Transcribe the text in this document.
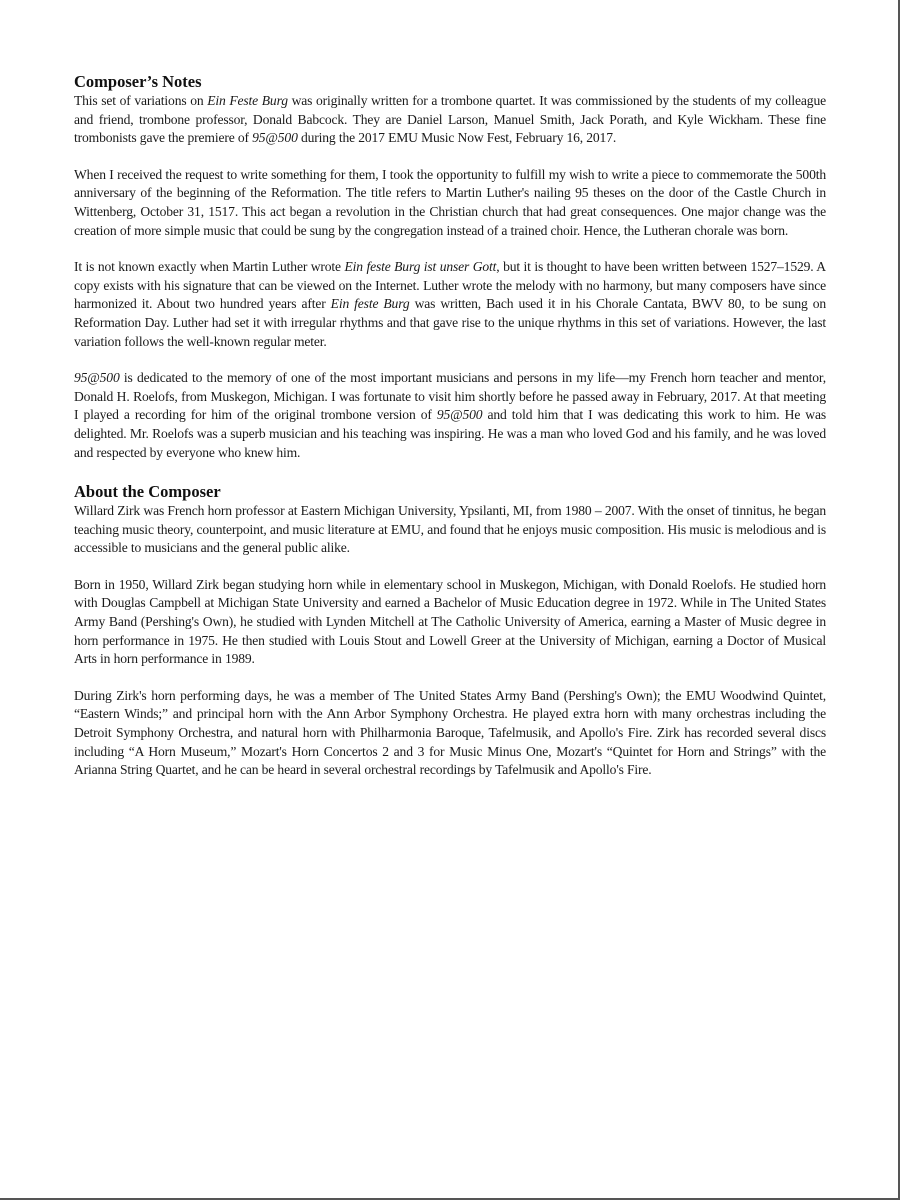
Composer’s Notes

This set of variations on Ein Feste Burg was originally written for a trombone quartet. It was commissioned by the students of my colleague and friend, trombone professor, Donald Babcock. They are Daniel Larson, Manuel Smith, Jack Porath, and Kyle Wickham. These fine trombonists gave the premiere of 95@500 during the 2017 EMU Music Now Fest, February 16, 2017.

When I received the request to write something for them, I took the opportunity to fulfill my wish to write a piece to commemorate the 500th anniversary of the beginning of the Reformation. The title refers to Martin Luther's nailing 95 theses on the door of the Castle Church in Wittenberg, October 31, 1517. This act began a revolution in the Christian church that had great consequences. One major change was the creation of more simple music that could be sung by the congregation instead of a trained choir. Hence, the Lutheran chorale was born.

It is not known exactly when Martin Luther wrote Ein feste Burg ist unser Gott, but it is thought to have been written between 1527–1529. A copy exists with his signature that can be viewed on the Internet. Luther wrote the melody with no harmony, but many composers have since harmonized it. About two hundred years after Ein feste Burg was written, Bach used it in his Chorale Cantata, BWV 80, to be sung on Reformation Day. Luther had set it with irregular rhythms and that gave rise to the unique rhythms in this set of variations. However, the last variation follows the well-known regular meter.

95@500 is dedicated to the memory of one of the most important musicians and persons in my life—my French horn teacher and mentor, Donald H. Roelofs, from Muskegon, Michigan. I was fortunate to visit him shortly before he passed away in February, 2017. At that meeting I played a recording for him of the original trombone version of 95@500 and told him that I was dedicating this work to him. He was delighted. Mr. Roelofs was a superb musician and his teaching was inspiring. He was a man who loved God and his family, and he was loved and respected by everyone who knew him.

About the Composer

Willard Zirk was French horn professor at Eastern Michigan University, Ypsilanti, MI, from 1980 – 2007. With the onset of tinnitus, he began teaching music theory, counterpoint, and music literature at EMU, and found that he enjoys music composition. His music is melodious and is accessible to musicians and the general public alike.

Born in 1950, Willard Zirk began studying horn while in elementary school in Muskegon, Michigan, with Donald Roelofs. He studied horn with Douglas Campbell at Michigan State University and earned a Bachelor of Music Education degree in 1972. While in The United States Army Band (Pershing's Own), he studied with Lynden Mitchell at The Catholic University of America, earning a Master of Music degree in horn performance in 1975. He then studied with Louis Stout and Lowell Greer at the University of Michigan, earning a Doctor of Musical Arts in horn performance in 1989.

During Zirk's horn performing days, he was a member of The United States Army Band (Pershing's Own); the EMU Woodwind Quintet, “Eastern Winds;” and principal horn with the Ann Arbor Symphony Orchestra. He played extra horn with many orchestras including the Detroit Symphony Orchestra, and natural horn with Philharmonia Baroque, Tafelmusik, and Apollo's Fire. Zirk has recorded several discs including “A Horn Museum,” Mozart's Horn Concertos 2 and 3 for Music Minus One, Mozart's “Quintet for Horn and Strings” with the Arianna String Quartet, and he can be heard in several orchestral recordings by Tafelmusik and Apollo's Fire.
